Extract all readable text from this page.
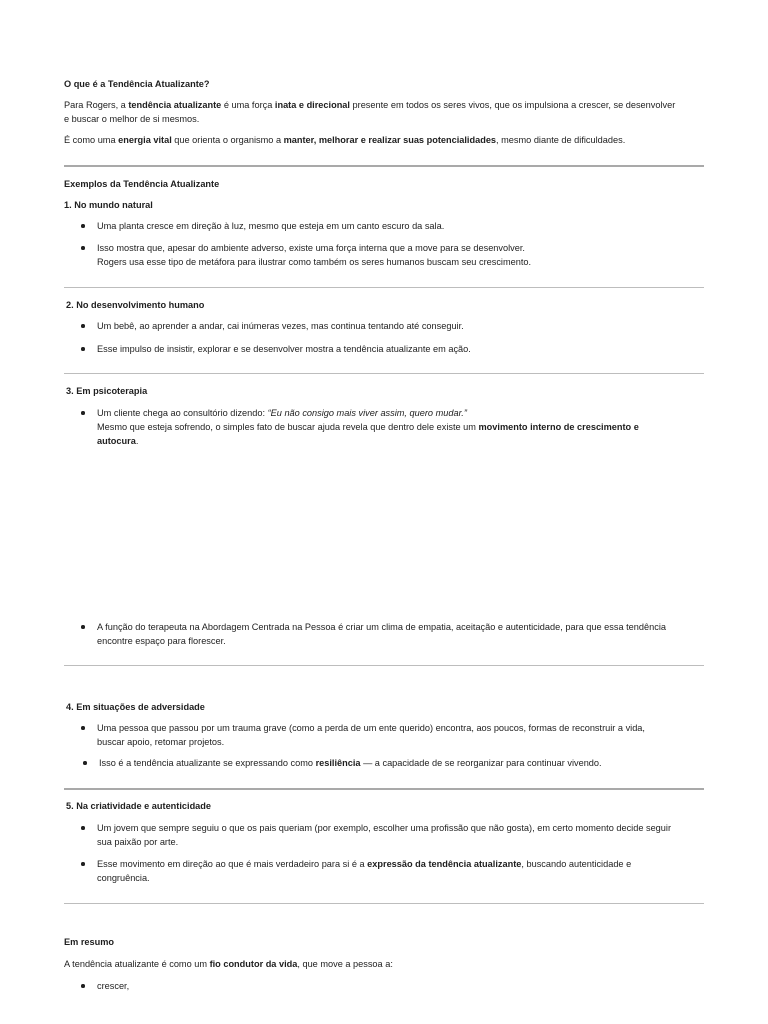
O que é a Tendência Atualizante?
Para Rogers, a tendência atualizante é uma força inata e direcional presente em todos os seres vivos, que os impulsiona a crescer, se desenvolver
e buscar o melhor de si mesmos.
É como uma energia vital que orienta o organismo a manter, melhorar e realizar suas potencialidades, mesmo diante de dificuldades.
Exemplos da Tendência Atualizante
1. No mundo natural
Uma planta cresce em direção à luz, mesmo que esteja em um canto escuro da sala.
Isso mostra que, apesar do ambiente adverso, existe uma força interna que a move para se desenvolver.
Rogers usa esse tipo de metáfora para ilustrar como também os seres humanos buscam seu crescimento.
2. No desenvolvimento humano
Um bebê, ao aprender a andar, cai inúmeras vezes, mas continua tentando até conseguir.
Esse impulso de insistir, explorar e se desenvolver mostra a tendência atualizante em ação.
3. Em psicoterapia
Um cliente chega ao consultório dizendo: “Eu não consigo mais viver assim, quero mudar.”
Mesmo que esteja sofrendo, o simples fato de buscar ajuda revela que dentro dele existe um movimento interno de crescimento e
autocura.
A função do terapeuta na Abordagem Centrada na Pessoa é criar um clima de empatia, aceitação e autenticidade, para que essa tendência
encontre espaço para florescer.
4. Em situações de adversidade
Uma pessoa que passou por um trauma grave (como a perda de um ente querido) encontra, aos poucos, formas de reconstruir a vida,
buscar apoio, retomar projetos.
Isso é a tendência atualizante se expressando como resiliência — a capacidade de se reorganizar para continuar vivendo.
5. Na criatividade e autenticidade
Um jovem que sempre seguiu o que os pais queriam (por exemplo, escolher uma profissão que não gosta), em certo momento decide seguir
sua paixão por arte.
Esse movimento em direção ao que é mais verdadeiro para si é a expressão da tendência atualizante, buscando autenticidade e
congruência.
Em resumo
A tendência atualizante é como um fio condutor da vida, que move a pessoa a:
crescer,
